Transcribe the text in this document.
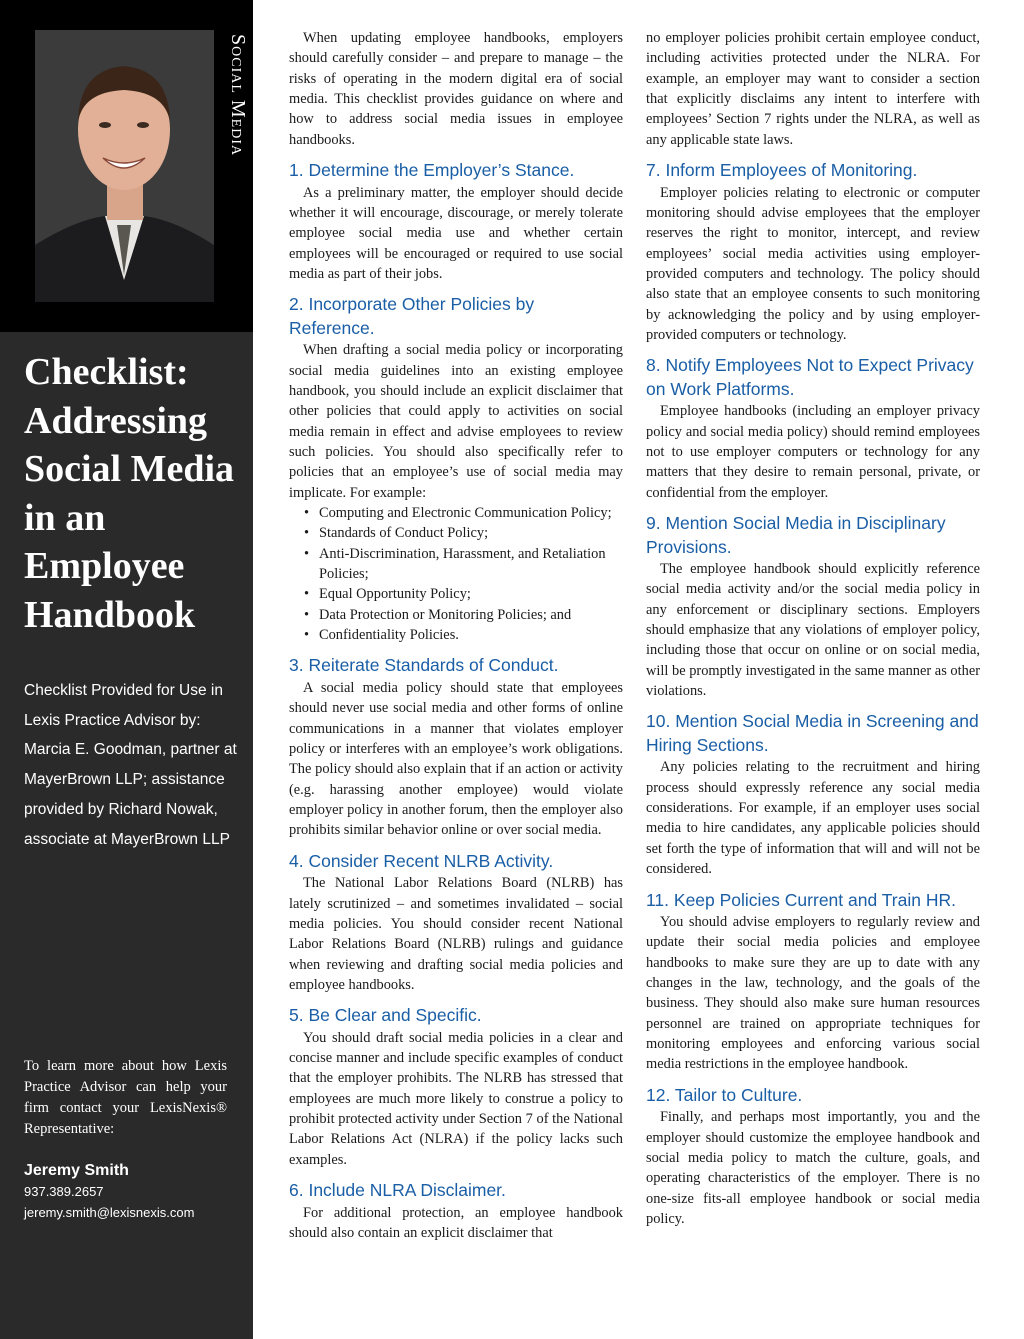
Social Media
Checklist: Addressing Social Media in an Employee Handbook
Checklist Provided for Use in Lexis Practice Advisor by: Marcia E. Goodman, partner at MayerBrown LLP; assistance provided by Richard Nowak, associate at MayerBrown LLP
To learn more about how Lexis Practice Advisor can help your firm contact your LexisNexis® Representative:
Jeremy Smith
937.389.2657
jeremy.smith@lexisnexis.com

When updating employee handbooks, employers should carefully consider – and prepare to manage – the risks of operating in the modern digital era of social media. This checklist provides guidance on where and how to address social media issues in employee handbooks.

1. Determine the Employer’s Stance.

As a preliminary matter, the employer should decide whether it will encourage, discourage, or merely tolerate employee social media use and whether certain employees will be encouraged or required to use social media as part of their jobs.

2. Incorporate Other Policies by Reference.

When drafting a social media policy or incorporating social media guidelines into an existing employee handbook, you should include an explicit disclaimer that other policies that could apply to activities on social media remain in effect and advise employees to review such policies. You should also specifically refer to policies that an employee’s use of social media may implicate. For example:

• Computing and Electronic Communication Policy;
• Standards of Conduct Policy;
• Anti-Discrimination, Harassment, and Retaliation Policies;
• Equal Opportunity Policy;
• Data Protection or Monitoring Policies; and
• Confidentiality Policies.
3. Reiterate Standards of Conduct.

A social media policy should state that employees should never use social media and other forms of online communications in a manner that violates employer policy or interferes with an employee’s work obligations. The policy should also explain that if an action or activity (e.g. harassing another employee) would violate employer policy in another forum, then the employer also prohibits similar behavior online or over social media.

4. Consider Recent NLRB Activity.

The National Labor Relations Board (NLRB) has lately scrutinized – and sometimes invalidated – social media policies. You should consider recent National Labor Relations Board (NLRB) rulings and guidance when reviewing and drafting social media policies and employee handbooks.

5. Be Clear and Specific.

You should draft social media policies in a clear and concise manner and include specific examples of conduct that the employer prohibits. The NLRB has stressed that employees are much more likely to construe a policy to prohibit protected activity under Section 7 of the National Labor Relations Act (NLRA) if the policy lacks such examples.

6. Include NLRA Disclaimer.

For additional protection, an employee handbook should also contain an explicit disclaimer that

no employer policies prohibit certain employee conduct, including activities protected under the NLRA. For example, an employer may want to consider a section that explicitly disclaims any intent to interfere with employees’ Section 7 rights under the NLRA, as well as any applicable state laws.

7. Inform Employees of Monitoring.

Employer policies relating to electronic or computer monitoring should advise employees that the employer reserves the right to monitor, intercept, and review employees’ social media activities using employer-provided computers and technology. The policy should also state that an employee consents to such monitoring by acknowledging the policy and by using employer-provided computers or technology.

8. Notify Employees Not to Expect Privacy on Work Platforms.

Employee handbooks (including an employer privacy policy and social media policy) should remind employees not to use employer computers or technology for any matters that they desire to remain personal, private, or confidential from the employer.

9. Mention Social Media in Disciplinary Provisions.

The employee handbook should explicitly reference social media activity and/or the social media policy in any enforcement or disciplinary sections. Employers should emphasize that any violations of employer policy, including those that occur on online or on social media, will be promptly investigated in the same manner as other violations.

10. Mention Social Media in Screening and Hiring Sections.

Any policies relating to the recruitment and hiring process should expressly reference any social media considerations. For example, if an employer uses social media to hire candidates, any applicable policies should set forth the type of information that will and will not be considered.

11. Keep Policies Current and Train HR.

You should advise employers to regularly review and update their social media policies and employee handbooks to make sure they are up to date with any changes in the law, technology, and the goals of the business. They should also make sure human resources personnel are trained on appropriate techniques for monitoring employees and enforcing various social media restrictions in the employee handbook.

12. Tailor to Culture.

Finally, and perhaps most importantly, you and the employer should customize the employee handbook and social media policy to match the culture, goals, and operating characteristics of the employer. There is no one-size fits-all employee handbook or social media policy.
